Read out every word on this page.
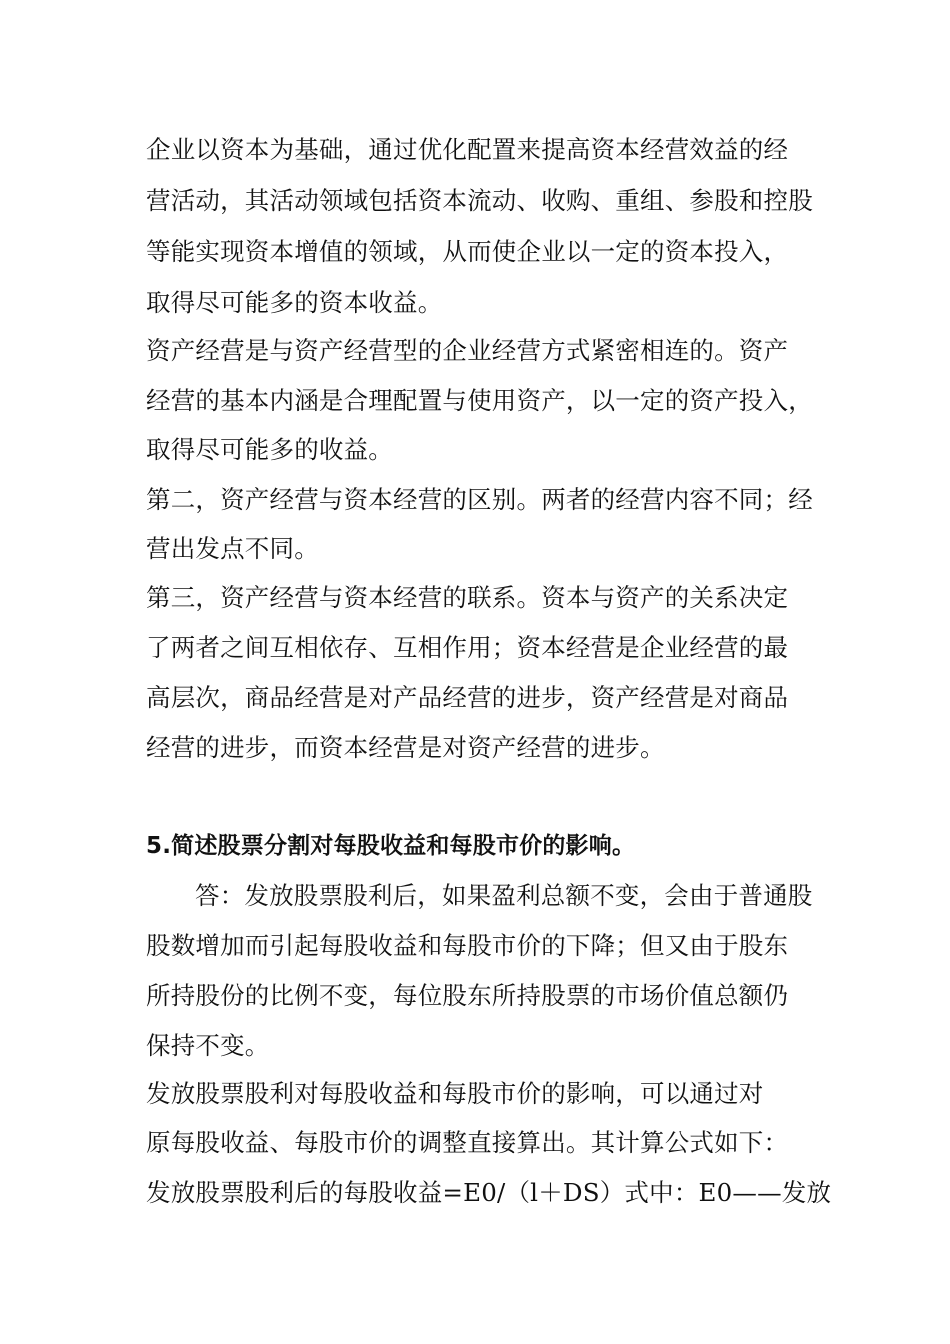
企业以资本为基础，通过优化配置来提高资本经营效益的经
营活动，其活动领域包括资本流动、收购、重组、参股和控股
等能实现资本增值的领域，从而使企业以一定的资本投入，
取得尽可能多的资本收益。
资产经营是与资产经营型的企业经营方式紧密相连的。资产
经营的基本内涵是合理配置与使用资产，以一定的资产投入，
取得尽可能多的收益。
第二，资产经营与资本经营的区别。两者的经营内容不同；经
营出发点不同。
第三，资产经营与资本经营的联系。资本与资产的关系决定
了两者之间互相依存、互相作用；资本经营是企业经营的最
高层次，商品经营是对产品经营的进步，资产经营是对商品
经营的进步，而资本经营是对资产经营的进步。
5.简述股票分割对每股收益和每股市价的影响。
答：发放股票股利后，如果盈利总额不变，会由于普通股
股数增加而引起每股收益和每股市价的下降；但又由于股东
所持股份的比例不变，每位股东所持股票的市场价值总额仍
保持不变。
发放股票股利对每股收益和每股市价的影响，可以通过对
原每股收益、每股市价的调整直接算出。其计算公式如下：
发放股票股利后的每股收益=E0/（l＋DS）式中：E0——发放
